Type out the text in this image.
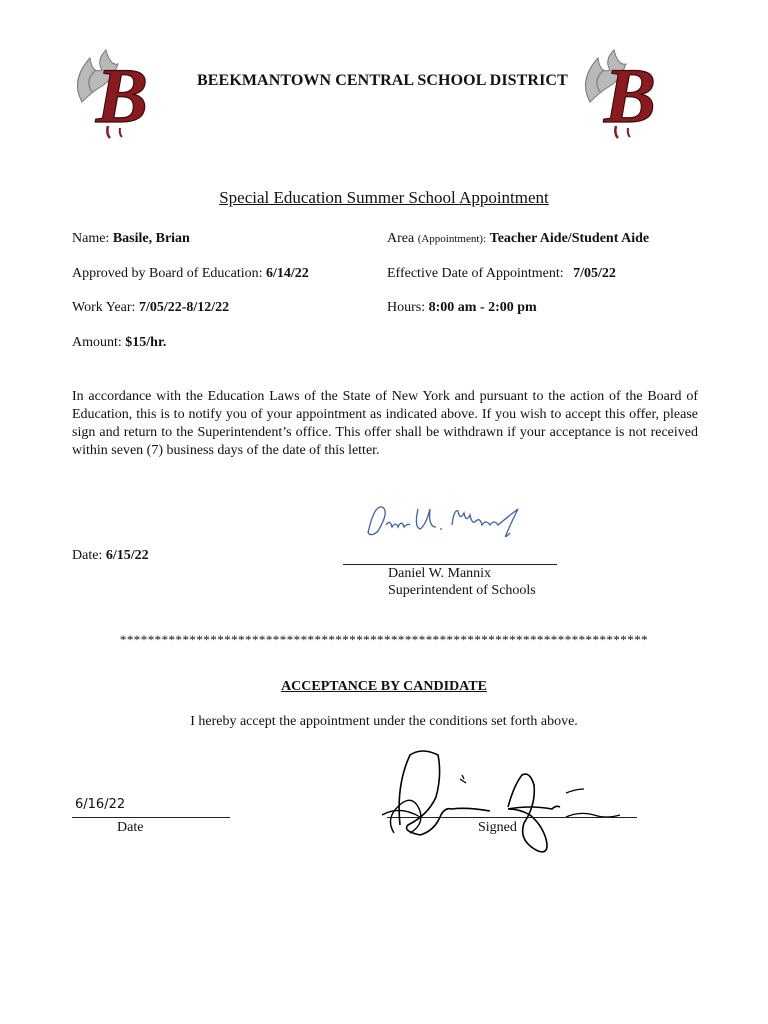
B	BEEKMANTOWN CENTRAL SCHOOL DISTRICT B
Special Education Summer School Appointment
Name: Basile, Brian
Approved by Board of Education: 6/14/22
Work Year: 7/05/22-8/12/22
Amount: $15/hr.
Area (Appointment): Teacher Aide/Student Aide
Effective Date of Appointment: 7/05/22
Hours: 8:00 am - 2:00 pm
In accordance with the Education Laws of the State of New York and pursuant to the action of the Board of Education, this is to notify you of your appointment as indicated above. If you wish to accept this offer, please sign and return to the Superintendent’s office. This offer shall be withdrawn if your acceptance is not received within seven (7) business days of the date of this letter.
Date: 6/15/22
Daniel W. Mannix
Superintendent of Schools
****************************************************************************
ACCEPTANCE BY CANDIDATE
I hereby accept the appointment under the conditions set forth above.
6/16/22
Date	Signed
